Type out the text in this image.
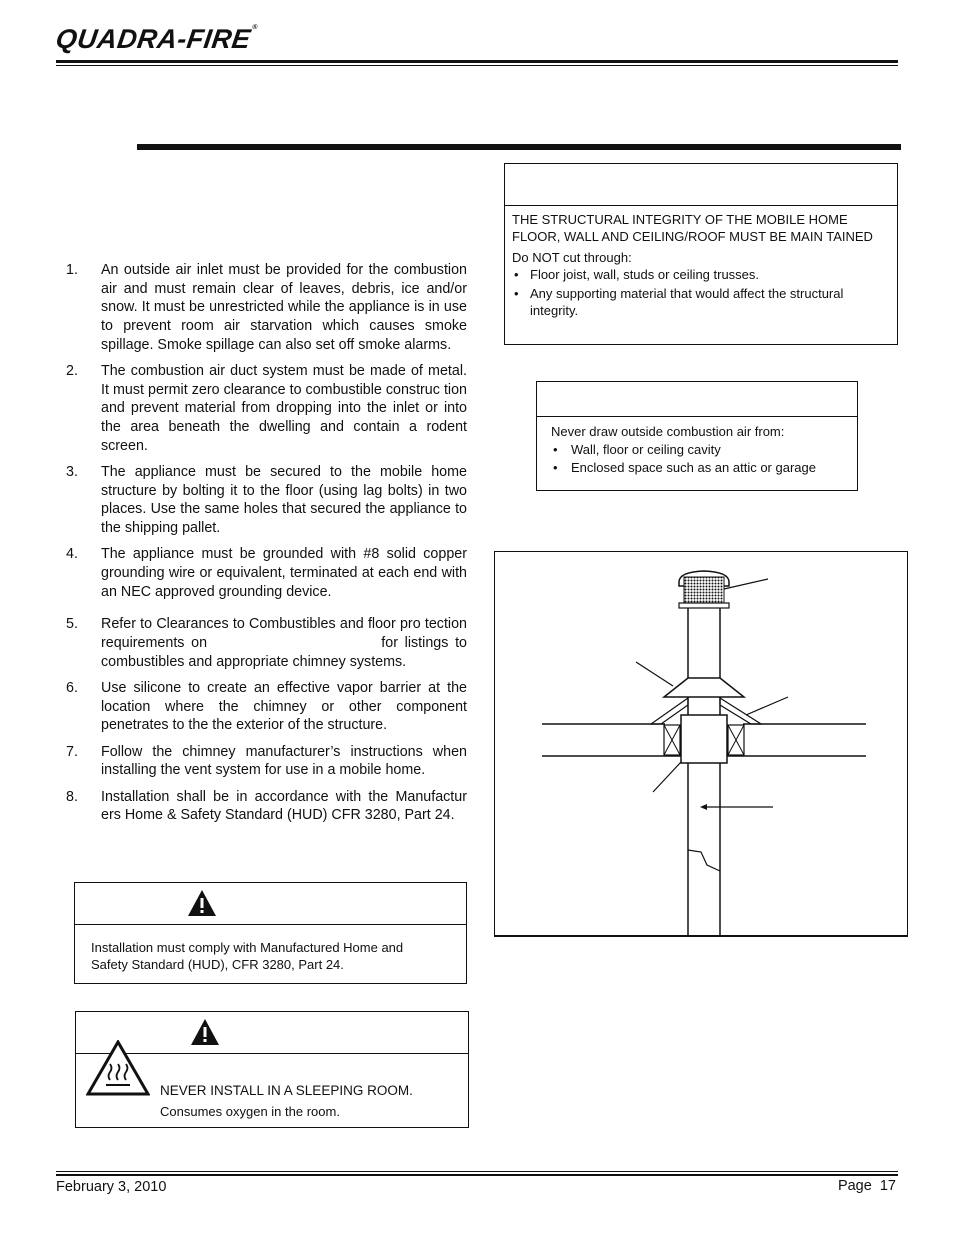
QUADRA-FIRE®
1. An outside air inlet must be provided for the combustion air and must remain clear of leaves, debris, ice and/or snow. It must be unrestricted while the appliance is in use to prevent room air starvation which causes smoke spillage. Smoke spillage can also set off smoke alarms.
2. The combustion air duct system must be made of metal. It must permit zero clearance to combustible construc tion and prevent material from dropping into the inlet or into the area beneath the dwelling and contain a rodent screen.
3. The appliance must be secured to the mobile home structure by bolting it to the floor (using lag bolts) in two places. Use the same holes that secured the appliance to the shipping pallet.
4. The appliance must be grounded with #8 solid copper grounding wire or equivalent, terminated at each end with an NEC approved grounding device.
5. Refer to Clearances to Combustibles and floor pro tection requirements on                          for listings to combustibles and appropriate chimney systems.
6. Use silicone to create an effective vapor barrier at the location where the chimney or other component penetrates to the the exterior of the structure.
7. Follow the chimney manufacturer’s instructions when installing the vent system for use in a mobile home.
8. Installation shall be in accordance with the Manufactur ers Home & Safety Standard (HUD) CFR 3280, Part 24.
THE STRUCTURAL INTEGRITY OF THE MOBILE HOME FLOOR, WALL AND CEILING/ROOF MUST BE MAIN TAINED
Do NOT cut through:
• Floor joist, wall, studs or ceiling trusses.
• Any supporting material that would affect the structural integrity.
Never draw outside combustion air from:
• Wall, floor or ceiling cavity
• Enclosed space such as an attic or garage
Installation must comply with Manufactured Home and Safety Standard (HUD), CFR 3280, Part 24.
NEVER INSTALL IN A SLEEPING ROOM.
Consumes oxygen in the room.
February 3, 2010	Page  17
